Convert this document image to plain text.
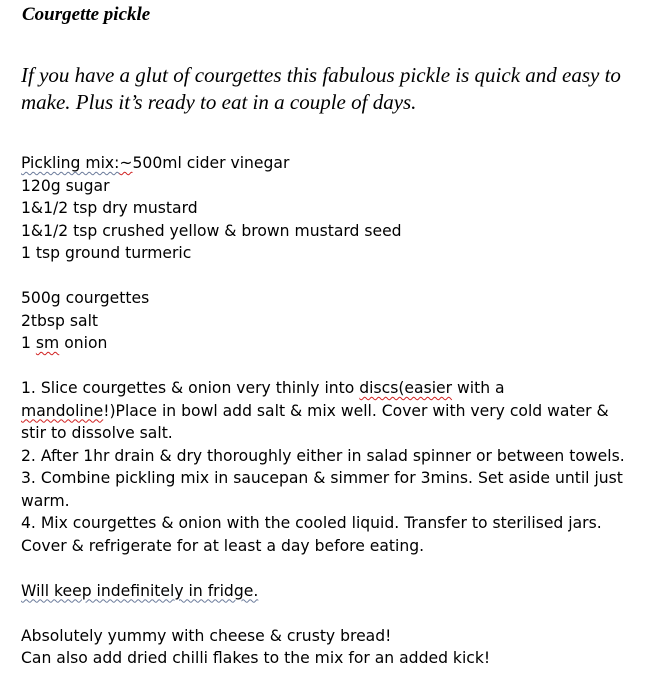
Courgette pickle

If you have a glut of courgettes this fabulous pickle is quick and easy to make. Plus it’s ready to eat in a couple of days.

Pickling mix:~500ml cider vinegar
120g sugar
1&1/2 tsp dry mustard
1&1/2 tsp crushed yellow & brown mustard seed
1 tsp ground turmeric
500g courgettes
2tbsp salt
1 sm onion
1. Slice courgettes & onion very thinly into discs(easier with a
mandoline!)Place in bowl add salt & mix well. Cover with very cold water &
stir to dissolve salt.
2. After 1hr drain & dry thoroughly either in salad spinner or between towels.
3. Combine pickling mix in saucepan & simmer for 3mins. Set aside until just
warm.
4. Mix courgettes & onion with the cooled liquid. Transfer to sterilised jars.
Cover & refrigerate for at least a day before eating.
Will keep indefinitely in fridge.
Absolutely yummy with cheese & crusty bread!
Can also add dried chilli flakes to the mix for an added kick!
